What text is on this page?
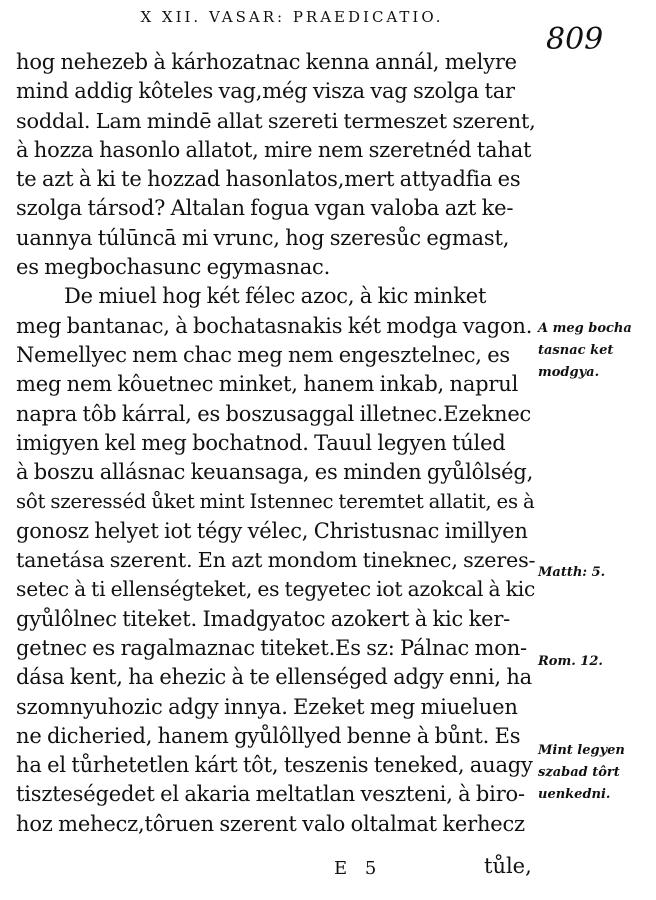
X XII. VASAR: PRAEDICATIO.
809
hog nehezeb à kárhozatnac kenna annál, melyre
mind addig kôteles vag,még visza vag szolga tar
soddal. Lam mindē allat szereti termeszet szerent,
à hozza hasonlo allatot, mire nem szeretnéd tahat
te azt à ki te hozzad hasonlatos,mert attyadfia es
szolga társod? Altalan fogua vgan valoba azt ke-
uannya túlūncā mi vrunc, hog szeresůc egmast,
es megbochasunc egymasnac.
De miuel hog két félec azoc, à kic minket
meg bantanac, à bochatasnakis két modga vagon.
Nemellyec nem chac meg nem engesztelnec, es
meg nem kôuetnec minket, hanem inkab, naprul
napra tôb kárral, es boszusaggal illetnec.Ezeknec
imigyen kel meg bochatnod. Tauul legyen túled
à boszu allásnac keuansaga, es minden gyůlôlség,
sôt szeresséd ůket mint Istennec teremtet allatit, es à
gonosz helyet iot tégy vélec, Christusnac imillyen
tanetása szerent. En azt mondom tineknec, szeres-
setec à ti ellenségteket, es tegyetec iot azokcal à kic
gyůlôlnec titeket. Imadgyatoc azokert à kic ker-
getnec es ragalmaznac titeket.Es sz: Pálnac mon-
dása kent, ha ehezic à te ellenséged adgy enni, ha
szomnyuhozic adgy innya. Ezeket meg miueluen
ne dicheried, hanem gyůlôllyed benne à bůnt. Es
ha el tůrhetetlen kárt tôt, teszenis teneked, auagy
tiszteségedet el akaria meltatlan veszteni, à biro-
hoz mehecz,tôruen szerent valo oltalmat kerhecz
A meg bocha
tasnac ket
modgya.
Matth: 5.
Rom. 12.
Mint legyen
szabad tôrt
uenkedni.
E 5	tůle,
